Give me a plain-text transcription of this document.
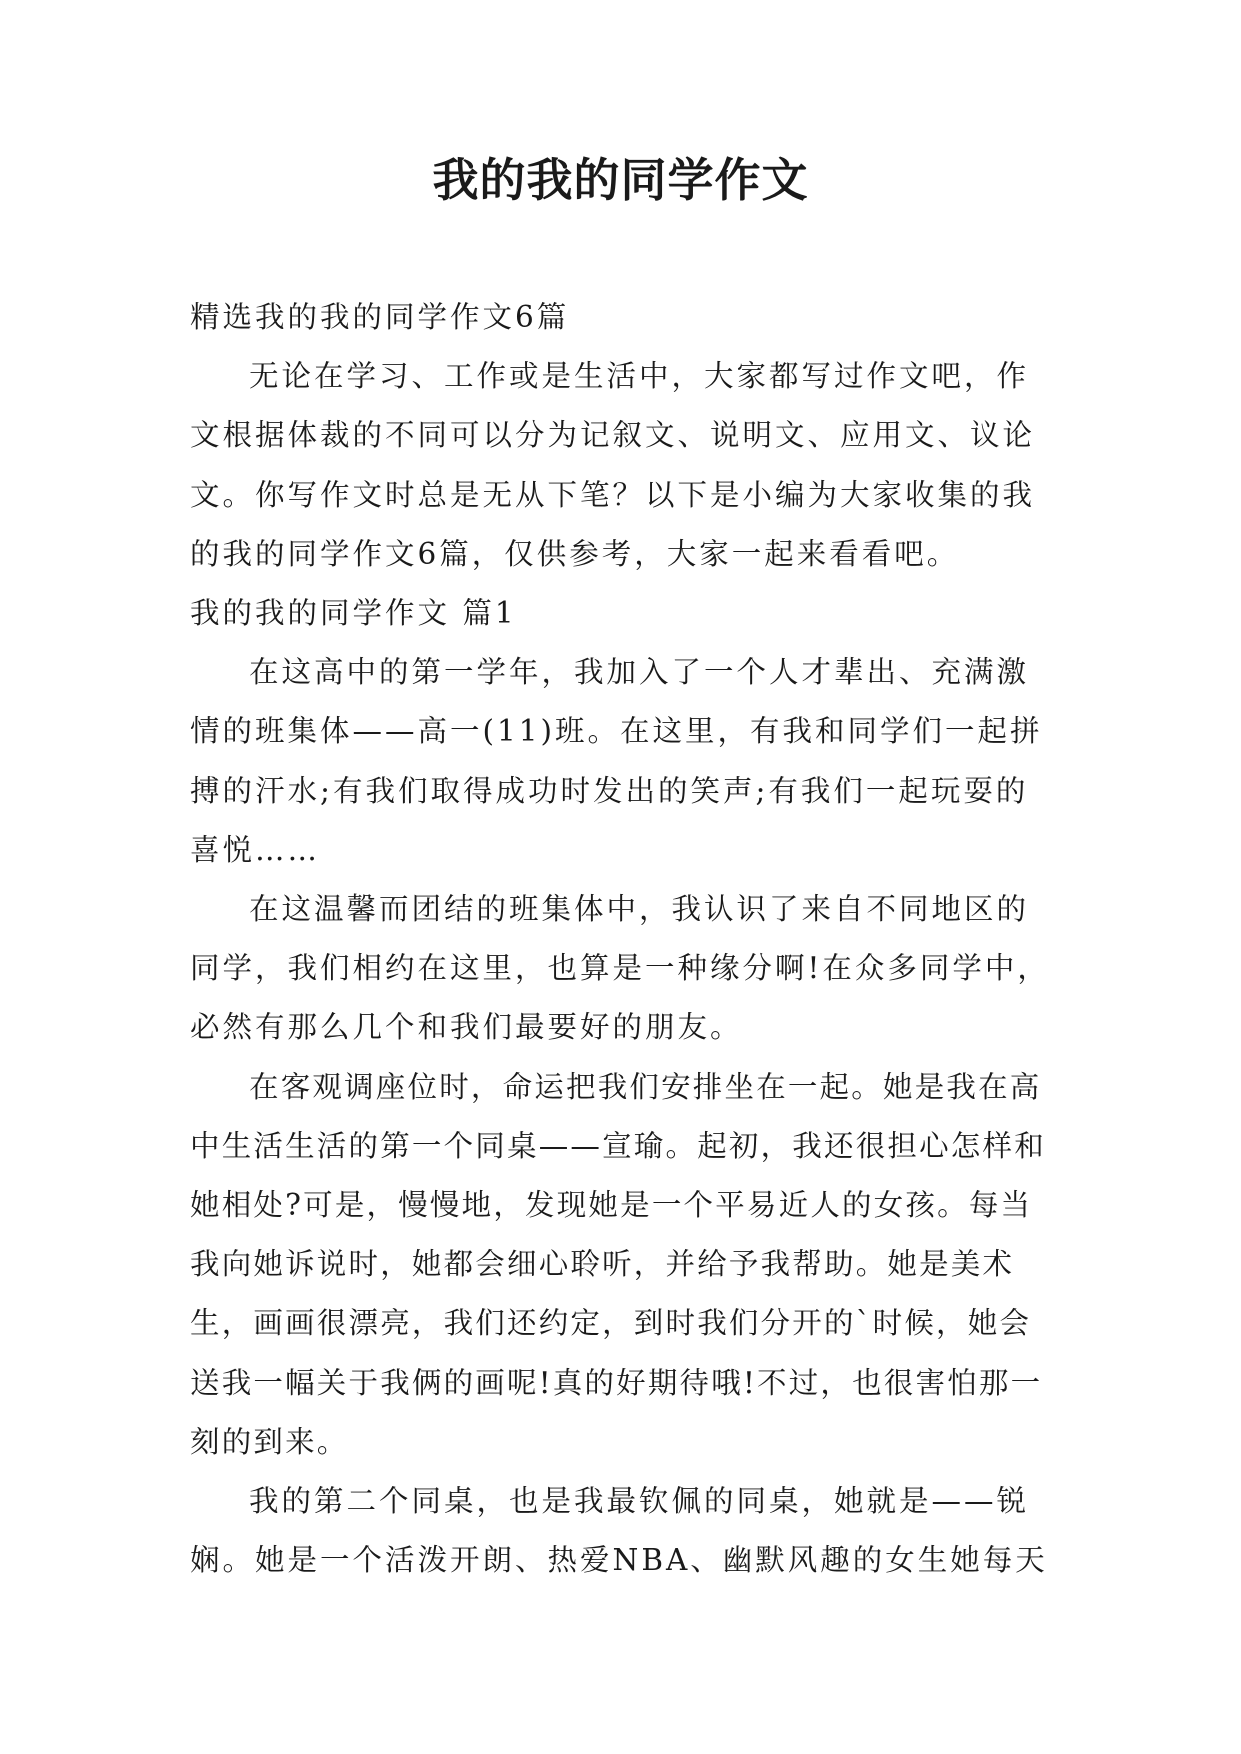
我的我的同学作文

精选我的我的同学作文6篇

无论在学习、工作或是生活中，大家都写过作文吧，作文根据体裁的不同可以分为记叙文、说明文、应用文、议论文。你写作文时总是无从下笔？以下是小编为大家收集的我的我的同学作文6篇，仅供参考，大家一起来看看吧。

我的我的同学作文 篇1

在这高中的第一学年，我加入了一个人才辈出、充满激情的班集体——高一(11)班。在这里，有我和同学们一起拼搏的汗水;有我们取得成功时发出的笑声;有我们一起玩耍的喜悦……

在这温馨而团结的班集体中，我认识了来自不同地区的同学，我们相约在这里，也算是一种缘分啊!在众多同学中，必然有那么几个和我们最要好的朋友。

在客观调座位时，命运把我们安排坐在一起。她是我在高中生活生活的第一个同桌——宣瑜。起初，我还很担心怎样和她相处?可是，慢慢地，发现她是一个平易近人的女孩。每当我向她诉说时，她都会细心聆听，并给予我帮助。她是美术生，画画很漂亮，我们还约定，到时我们分开的`时候，她会送我一幅关于我俩的画呢!真的好期待哦!不过，也很害怕那一刻的到来。

我的第二个同桌，也是我最钦佩的同桌，她就是——锐娴。她是一个活泼开朗、热爱NBA、幽默风趣的女生她每天
